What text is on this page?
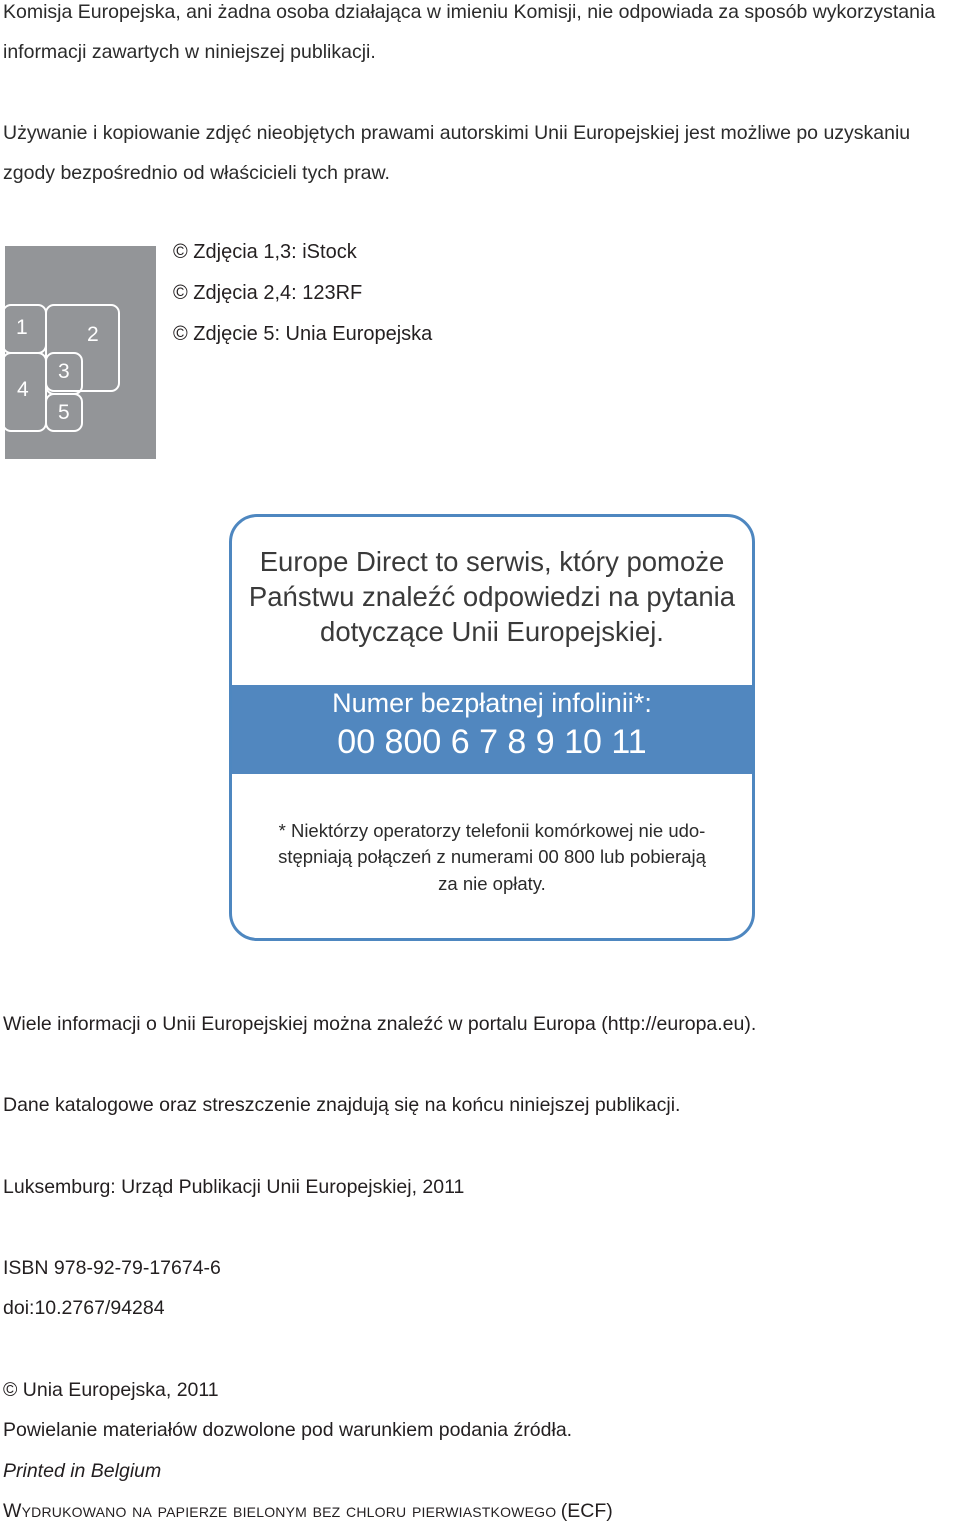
Komisja Europejska, ani żadna osoba działająca w imieniu Komisji, nie odpowiada za sposób wykorzystania
informacji zawartych w niniejszej publikacji.
Używanie i kopiowanie zdjęć nieobjętych prawami autorskimi Unii Europejskiej jest możliwe po uzyskaniu
zgody bezpośrednio od właścicieli tych praw.
1	2
3
4
5
© Zdjęcia 1,3: iStock
© Zdjęcia 2,4: 123RF
© Zdjęcie 5: Unia Europejska
Europe Direct to serwis, który pomoże
Państwu znaleźć odpowiedzi na pytania
dotyczące Unii Europejskiej.
Numer bezpłatnej infolinii*:
00 800 6 7 8 9 10 11
* Niektórzy operatorzy telefonii komórkowej nie udo-
stępniają połączeń z numerami 00 800 lub pobierają
za nie opłaty.
Wiele informacji o Unii Europejskiej można znaleźć w portalu Europa (http://europa.eu).
Dane katalogowe oraz streszczenie znajdują się na końcu niniejszej publikacji.
Luksemburg: Urząd Publikacji Unii Europejskiej, 2011
ISBN 978-92-79-17674-6
doi:10.2767/94284
© Unia Europejska, 2011
Powielanie materiałów dozwolone pod warunkiem podania źródła.
Printed in Belgium
Wydrukowano na papierze bielonym bez chloru pierwiastkowego (ECF)
